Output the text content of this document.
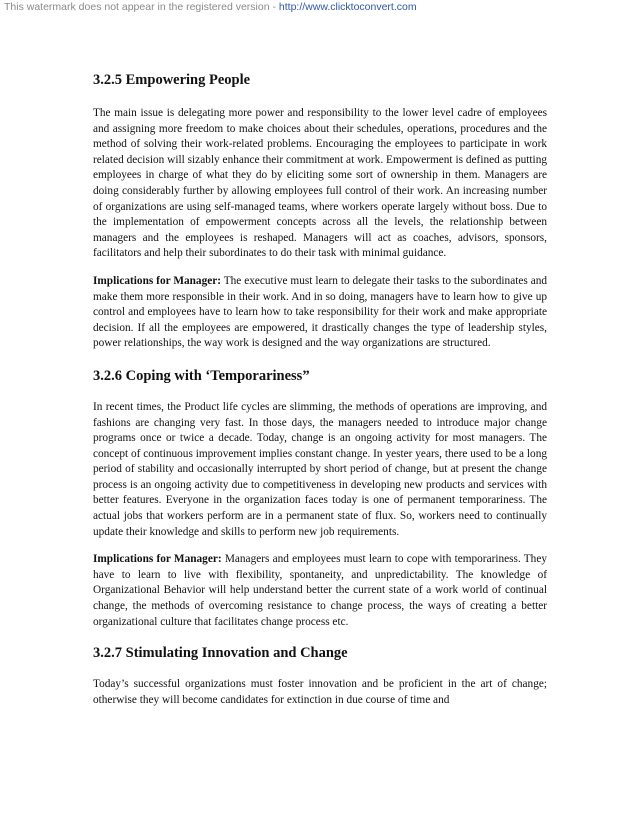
This watermark does not appear in the registered version - http://www.clicktoconvert.com
3.2.5 Empowering People

The main issue is delegating more power and responsibility to the lower level cadre of employees and assigning more freedom to make choices about their schedules, operations, procedures and the method of solving their work-related problems. Encouraging the employees to participate in work related decision will sizably enhance their commitment at work. Empowerment is defined as putting employees in charge of what they do by eliciting some sort of ownership in them. Managers are doing considerably further by allowing employees full control of their work. An increasing number of organizations are using self-managed teams, where workers operate largely without boss. Due to the implementation of empowerment concepts across all the levels, the relationship between managers and the employees is reshaped. Managers will act as coaches, advisors, sponsors, facilitators and help their subordinates to do their task with minimal guidance.

Implications for Manager: The executive must learn to delegate their tasks to the subordinates and make them more responsible in their work. And in so doing, managers have to learn how to give up control and employees have to learn how to take responsibility for their work and make appropriate decision. If all the employees are empowered, it drastically changes the type of leadership styles, power relationships, the way work is designed and the way organizations are structured.

3.2.6 Coping with ‘Temporariness”

In recent times, the Product life cycles are slimming, the methods of operations are improving, and fashions are changing very fast. In those days, the managers needed to introduce major change programs once or twice a decade. Today, change is an ongoing activity for most managers. The concept of continuous improvement implies constant change. In yester years, there used to be a long period of stability and occasionally interrupted by short period of change, but at present the change process is an ongoing activity due to competitiveness in developing new products and services with better features. Everyone in the organization faces today is one of permanent temporariness. The actual jobs that workers perform are in a permanent state of flux. So, workers need to continually update their knowledge and skills to perform new job requirements.

Implications for Manager: Managers and employees must learn to cope with temporariness. They have to learn to live with flexibility, spontaneity, and unpredictability. The knowledge of Organizational Behavior will help understand better the current state of a work world of continual change, the methods of overcoming resistance to change process, the ways of creating a better organizational culture that facilitates change process etc.

3.2.7 Stimulating Innovation and Change

Today’s successful organizations must foster innovation and be proficient in the art of change; otherwise they will become candidates for extinction in due course of time and
